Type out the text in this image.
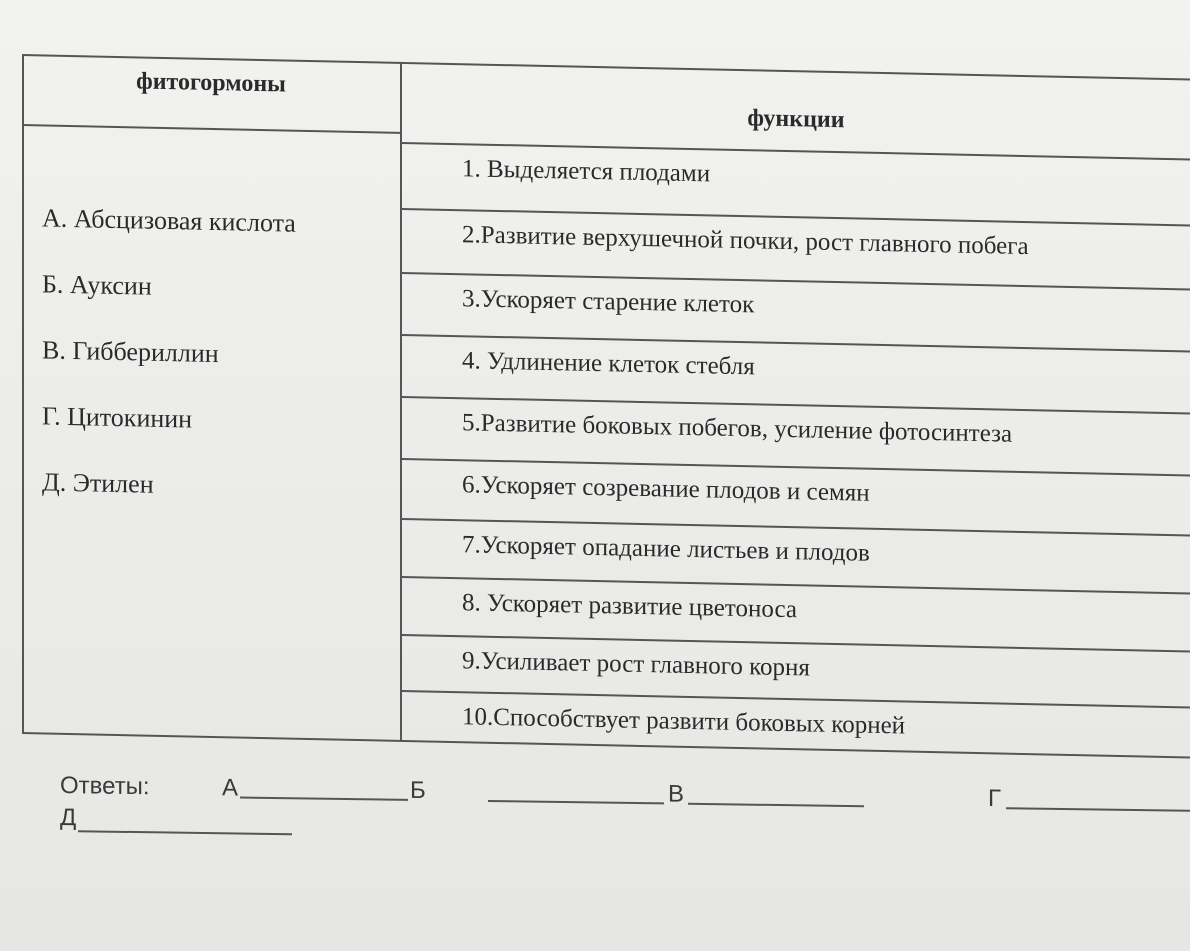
фитогормоны
функции
А. Абсцизовая кислота
Б. Ауксин
В. Гиббериллин
Г. Цитокинин
Д. Этилен
1. Выделяется плодами
2.Развитие верхушечной почки, рост главного побега
3.Ускоряет старение клеток
4. Удлинение клеток стебля
5.Развитие боковых побегов, усиление фотосинтеза
6.Ускоряет созревание плодов и семян
7.Ускоряет опадание листьев и плодов
8. Ускоряет развитие цветоноса
9.Усиливает рост главного корня
10.Способствует развити боковых корней
Ответы:	А	Б	В	Г
Д
